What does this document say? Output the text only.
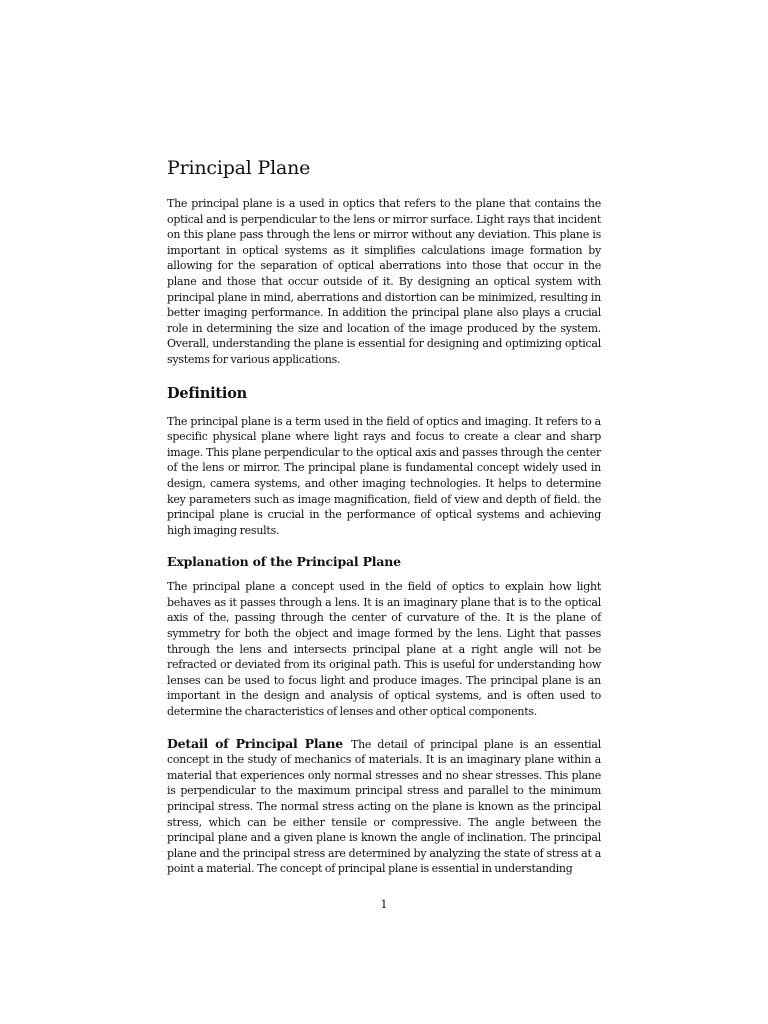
Principal Plane

The principal plane is a used in optics that refers to the plane that contains the optical and is perpendicular to the lens or mirror surface. Light rays that incident on this plane pass through the lens or mirror without any deviation. This plane is important in optical systems as it simplifies calculations image formation by allowing for the separation of optical aberrations into those that occur in the plane and those that occur outside of it. By designing an optical system with principal plane in mind, aberrations and distortion can be minimized, resulting in better imaging performance. In addition the principal plane also plays a crucial role in determining the size and location of the image produced by the system. Overall, understanding the plane is essential for designing and optimizing optical systems for various applications.

Definition

The principal plane is a term used in the field of optics and imaging. It refers to a specific physical plane where light rays and focus to create a clear and sharp image. This plane perpendicular to the optical axis and passes through the center of the lens or mirror. The principal plane is fundamental concept widely used in design, camera systems, and other imaging technologies. It helps to determine key parameters such as image magnification, field of view and depth of field. the principal plane is crucial in the performance of optical systems and achieving high imaging results.

Explanation of the Principal Plane

The principal plane a concept used in the field of optics to explain how light behaves as it passes through a lens. It is an imaginary plane that is to the optical axis of the, passing through the center of curvature of the. It is the plane of symmetry for both the object and image formed by the lens. Light that passes through the lens and intersects principal plane at a right angle will not be refracted or deviated from its original path. This is useful for understanding how lenses can be used to focus light and produce images. The principal plane is an important in the design and analysis of optical systems, and is often used to determine the characteristics of lenses and other optical components.

Detail of Principal Plane The detail of principal plane is an essential concept in the study of mechanics of materials. It is an imaginary plane within a material that experiences only normal stresses and no shear stresses. This plane is perpendicular to the maximum principal stress and parallel to the minimum principal stress. The normal stress acting on the plane is known as the principal stress, which can be either tensile or compressive. The angle between the principal plane and a given plane is known the angle of inclination. The principal plane and the principal stress are determined by analyzing the state of stress at a point a material. The concept of principal plane is essential in understanding

1
